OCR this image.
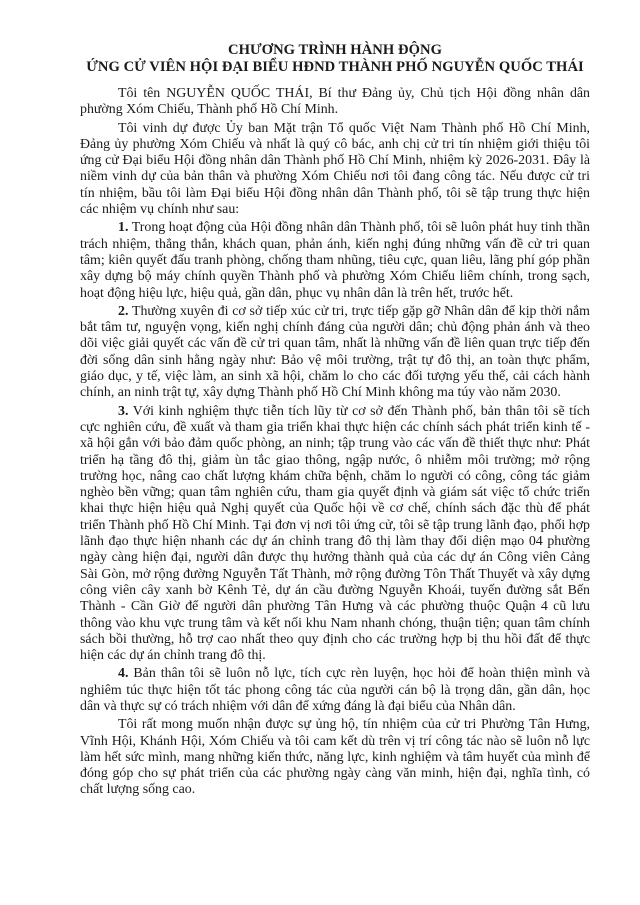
CHƯƠNG TRÌNH HÀNH ĐỘNG

ỨNG CỬ VIÊN HỘI ĐẠI BIỂU HĐND THÀNH PHỐ NGUYỄN QUỐC THÁI

Tôi tên NGUYỄN QUỐC THÁI, Bí thư Đảng ủy, Chủ tịch Hội đồng nhân dân phường Xóm Chiếu, Thành phố Hồ Chí Minh.

Tôi vinh dự được Ủy ban Mặt trận Tổ quốc Việt Nam Thành phố Hồ Chí Minh, Đảng ủy phường Xóm Chiếu và nhất là quý cô bác, anh chị cử tri tín nhiệm giới thiệu tôi ứng cử Đại biểu Hội đồng nhân dân Thành phố Hồ Chí Minh, nhiệm kỳ 2026-2031. Đây là niềm vinh dự của bản thân và phường Xóm Chiếu nơi tôi đang công tác. Nếu được cử tri tín nhiệm, bầu tôi làm Đại biểu Hội đồng nhân dân Thành phố, tôi sẽ tập trung thực hiện các nhiệm vụ chính như sau:

1. Trong hoạt động của Hội đồng nhân dân Thành phố, tôi sẽ luôn phát huy tinh thần trách nhiệm, thẳng thắn, khách quan, phản ánh, kiến nghị đúng những vấn đề cử tri quan tâm; kiên quyết đấu tranh phòng, chống tham nhũng, tiêu cực, quan liêu, lãng phí góp phần xây dựng bộ máy chính quyền Thành phố và phường Xóm Chiếu liêm chính, trong sạch, hoạt động hiệu lực, hiệu quả, gần dân, phục vụ nhân dân là trên hết, trước hết.

2. Thường xuyên đi cơ sở tiếp xúc cử tri, trực tiếp gặp gỡ Nhân dân để kịp thời nắm bắt tâm tư, nguyện vọng, kiến nghị chính đáng của người dân; chủ động phản ánh và theo dõi việc giải quyết các vấn đề cử tri quan tâm, nhất là những vấn đề liên quan trực tiếp đến đời sống dân sinh hằng ngày như: Bảo vệ môi trường, trật tự đô thị, an toàn thực phẩm, giáo dục, y tế, việc làm, an sinh xã hội, chăm lo cho các đối tượng yếu thế, cải cách hành chính, an ninh trật tự, xây dựng Thành phố Hồ Chí Minh không ma túy vào năm 2030.

3. Với kinh nghiệm thực tiễn tích lũy từ cơ sở đến Thành phố, bản thân tôi sẽ tích cực nghiên cứu, đề xuất và tham gia triển khai thực hiện các chính sách phát triển kinh tế - xã hội gắn với bảo đảm quốc phòng, an ninh; tập trung vào các vấn đề thiết thực như: Phát triển hạ tầng đô thị, giảm ùn tắc giao thông, ngập nước, ô nhiễm môi trường; mở rộng trường học, nâng cao chất lượng khám chữa bệnh, chăm lo người có công, công tác giảm nghèo bền vững; quan tâm nghiên cứu, tham gia quyết định và giám sát việc tổ chức triển khai thực hiện hiệu quả Nghị quyết của Quốc hội về cơ chế, chính sách đặc thù để phát triển Thành phố Hồ Chí Minh. Tại đơn vị nơi tôi ứng cử, tôi sẽ tập trung lãnh đạo, phối hợp lãnh đạo thực hiện nhanh các dự án chỉnh trang đô thị làm thay đổi diện mạo 04 phường ngày càng hiện đại, người dân được thụ hưởng thành quả của các dự án Công viên Cảng Sài Gòn, mở rộng đường Nguyễn Tất Thành, mở rộng đường Tôn Thất Thuyết và xây dựng công viên cây xanh bờ Kênh Tẻ, dự án cầu đường Nguyễn Khoái, tuyến đường sắt Bến Thành - Cần Giờ để người dân phường Tân Hưng và các phường thuộc Quận 4 cũ lưu thông vào khu vực trung tâm và kết nối khu Nam nhanh chóng, thuận tiện; quan tâm chính sách bồi thường, hỗ trợ cao nhất theo quy định cho các trường hợp bị thu hồi đất để thực hiện các dự án chỉnh trang đô thị.

4. Bản thân tôi sẽ luôn nỗ lực, tích cực rèn luyện, học hỏi để hoàn thiện mình và nghiêm túc thực hiện tốt tác phong công tác của người cán bộ là trọng dân, gần dân, học dân và thực sự có trách nhiệm với dân để xứng đáng là đại biểu của Nhân dân.

Tôi rất mong muốn nhận được sự ủng hộ, tín nhiệm của cử tri Phường Tân Hưng, Vĩnh Hội, Khánh Hội, Xóm Chiếu và tôi cam kết dù trên vị trí công tác nào sẽ luôn nỗ lực làm hết sức mình, mang những kiến thức, năng lực, kinh nghiệm và tâm huyết của mình để đóng góp cho sự phát triển của các phường ngày càng văn minh, hiện đại, nghĩa tình, có chất lượng sống cao.
